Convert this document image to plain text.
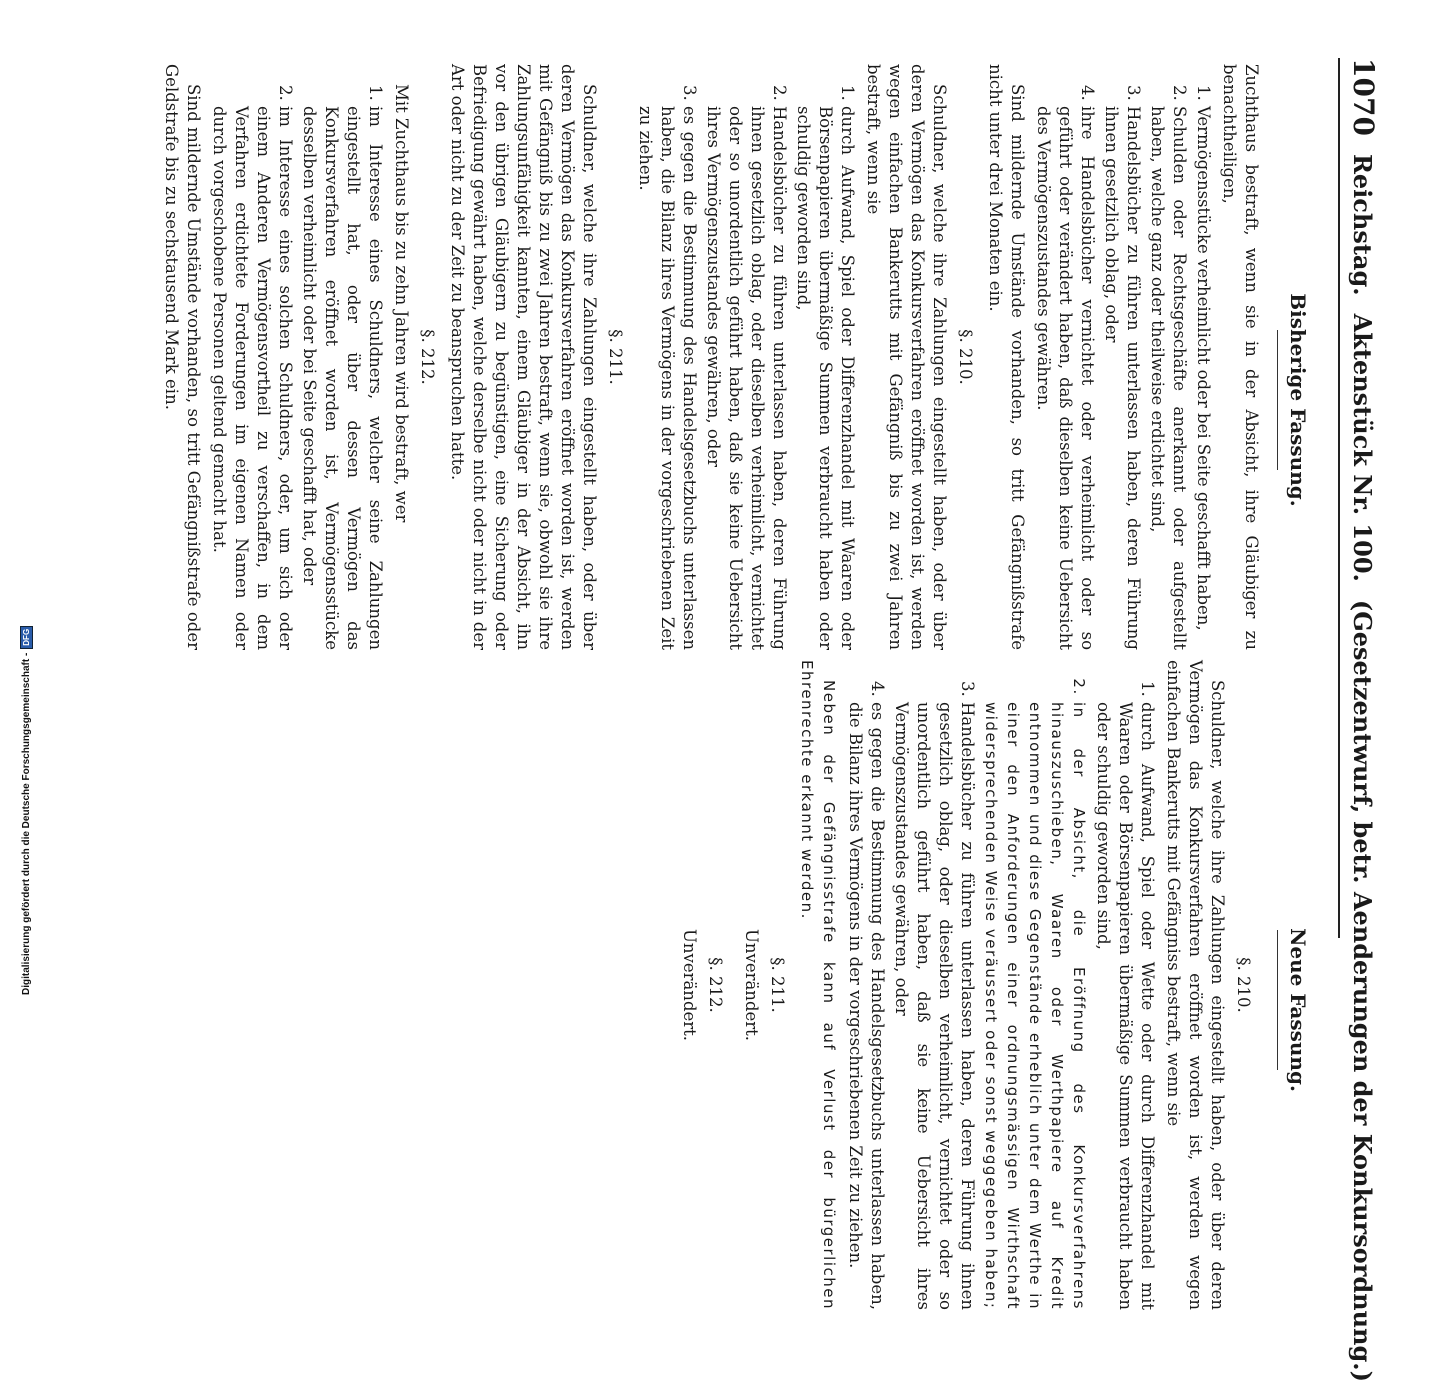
1070
Reichstag.
Aktenstück Nr. 100.
(Gesetzentwurf, betr. Aenderungen der Konkursordnung.)
Bisherige Fassung.
Neue Fassung.

Zuchthaus bestraft, wenn sie in der Absicht, ihre Gläubiger zu benachtheiligen,

1. Vermögensstücke verheimlicht oder bei Seite geschafft haben,
2. Schulden oder Rechtsgeschäfte anerkannt oder aufgestellt haben, welche ganz oder theilweise erdichtet sind,
3. Handelsbücher zu führen unterlassen haben, deren Führung ihnen gesetzlich oblag, oder
4. ihre Handelsbücher vernichtet oder verheimlicht oder so geführt oder verändert haben, daß dieselben keine Uebersicht des Vermögenszustandes gewähren.

Sind mildernde Umstände vorhanden, so tritt Gefängnißstrafe nicht unter drei Monaten ein.

§. 210.

Schuldner, welche ihre Zahlungen eingestellt haben, oder über deren Vermögen das Konkursverfahren eröffnet worden ist, werden wegen einfachen Bankerutts mit Gefängniß bis zu zwei Jahren bestraft, wenn sie

1. durch Aufwand, Spiel oder Differenzhandel mit Waaren oder Börsenpapieren übermäßige Summen verbraucht haben oder schuldig geworden sind,
2. Handelsbücher zu führen unterlassen haben, deren Führung ihnen gesetzlich oblag, oder dieselben verheimlicht, vernichtet oder so unordentlich geführt haben, daß sie keine Uebersicht ihres Vermögenszustandes gewähren, oder
3. es gegen die Bestimmung des Handelsgesetzbuchs unterlassen haben, die Bilanz ihres Vermögens in der vorgeschriebenen Zeit zu ziehen.

§. 211.

Schuldner, welche ihre Zahlungen eingestellt haben, oder über deren Vermögen das Konkursverfahren eröffnet worden ist, werden mit Gefängniß bis zu zwei Jahren bestraft, wenn sie, obwohl sie ihre Zahlungsunfähigkeit kannten, einem Gläubiger in der Absicht, ihn vor den übrigen Gläubigern zu begünstigen, eine Sicherung oder Befriedigung gewährt haben, welche derselbe nicht oder nicht in der Art oder nicht zu der Zeit zu beanspruchen hatte.

§. 212.

Mit Zuchthaus bis zu zehn Jahren wird bestraft, wer

1. im Interesse eines Schuldners, welcher seine Zahlungen eingestellt hat, oder über dessen Vermögen das Konkursverfahren eröffnet worden ist, Vermögensstücke desselben verheimlicht oder bei Seite geschafft hat, oder
2. im Interesse eines solchen Schuldners, oder, um sich oder einem Anderen Vermögensvortheil zu verschaffen, in dem Verfahren erdichtete Forderungen im eigenen Namen oder durch vorgeschobene Personen geltend gemacht hat.

Sind mildernde Umstände vorhanden, so tritt Gefängnißstrafe oder Geldstrafe bis zu sechstausend Mark ein.

§. 210.

Schuldner, welche ihre Zahlungen eingestellt haben, oder über deren Vermögen das Konkursverfahren eröffnet worden ist, werden wegen einfachen Bankerutts mit Gefängniss bestraft, wenn sie

1. durch Aufwand, Spiel oder Wette oder durch Differenzhandel mit Waaren oder Börsenpapieren übermäßige Summen verbraucht haben oder schuldig geworden sind,
2. in der Absicht, die Eröffnung des Konkursverfahrens hinauszuschieben, Waaren oder Werthpapiere auf Kredit entnommen und diese Gegenstände erheblich unter dem Werthe in einer den Anforderungen einer ordnungsmässigen Wirthschaft widersprechenden Weise veräussert oder sonst weggegeben haben;
3. Handelsbücher zu führen unterlassen haben, deren Führung ihnen gesetzlich oblag, oder dieselben verheimlicht, vernichtet oder so unordentlich geführt haben, daß sie keine Uebersicht ihres Vermögenszustandes gewähren, oder
4. es gegen die Bestimmung des Handelsgesetzbuchs unterlassen haben, die Bilanz ihres Vermögens in der vorgeschriebenen Zeit zu ziehen.

Neben der Gefängnisstrafe kann auf Verlust der bürgerlichen Ehrenrechte erkannt werden.

§. 211.

Unverändert.

§. 212.

Unverändert.

Digitalisierung gefördert durch die Deutsche Forschungsgemeinschaft -
DFG
